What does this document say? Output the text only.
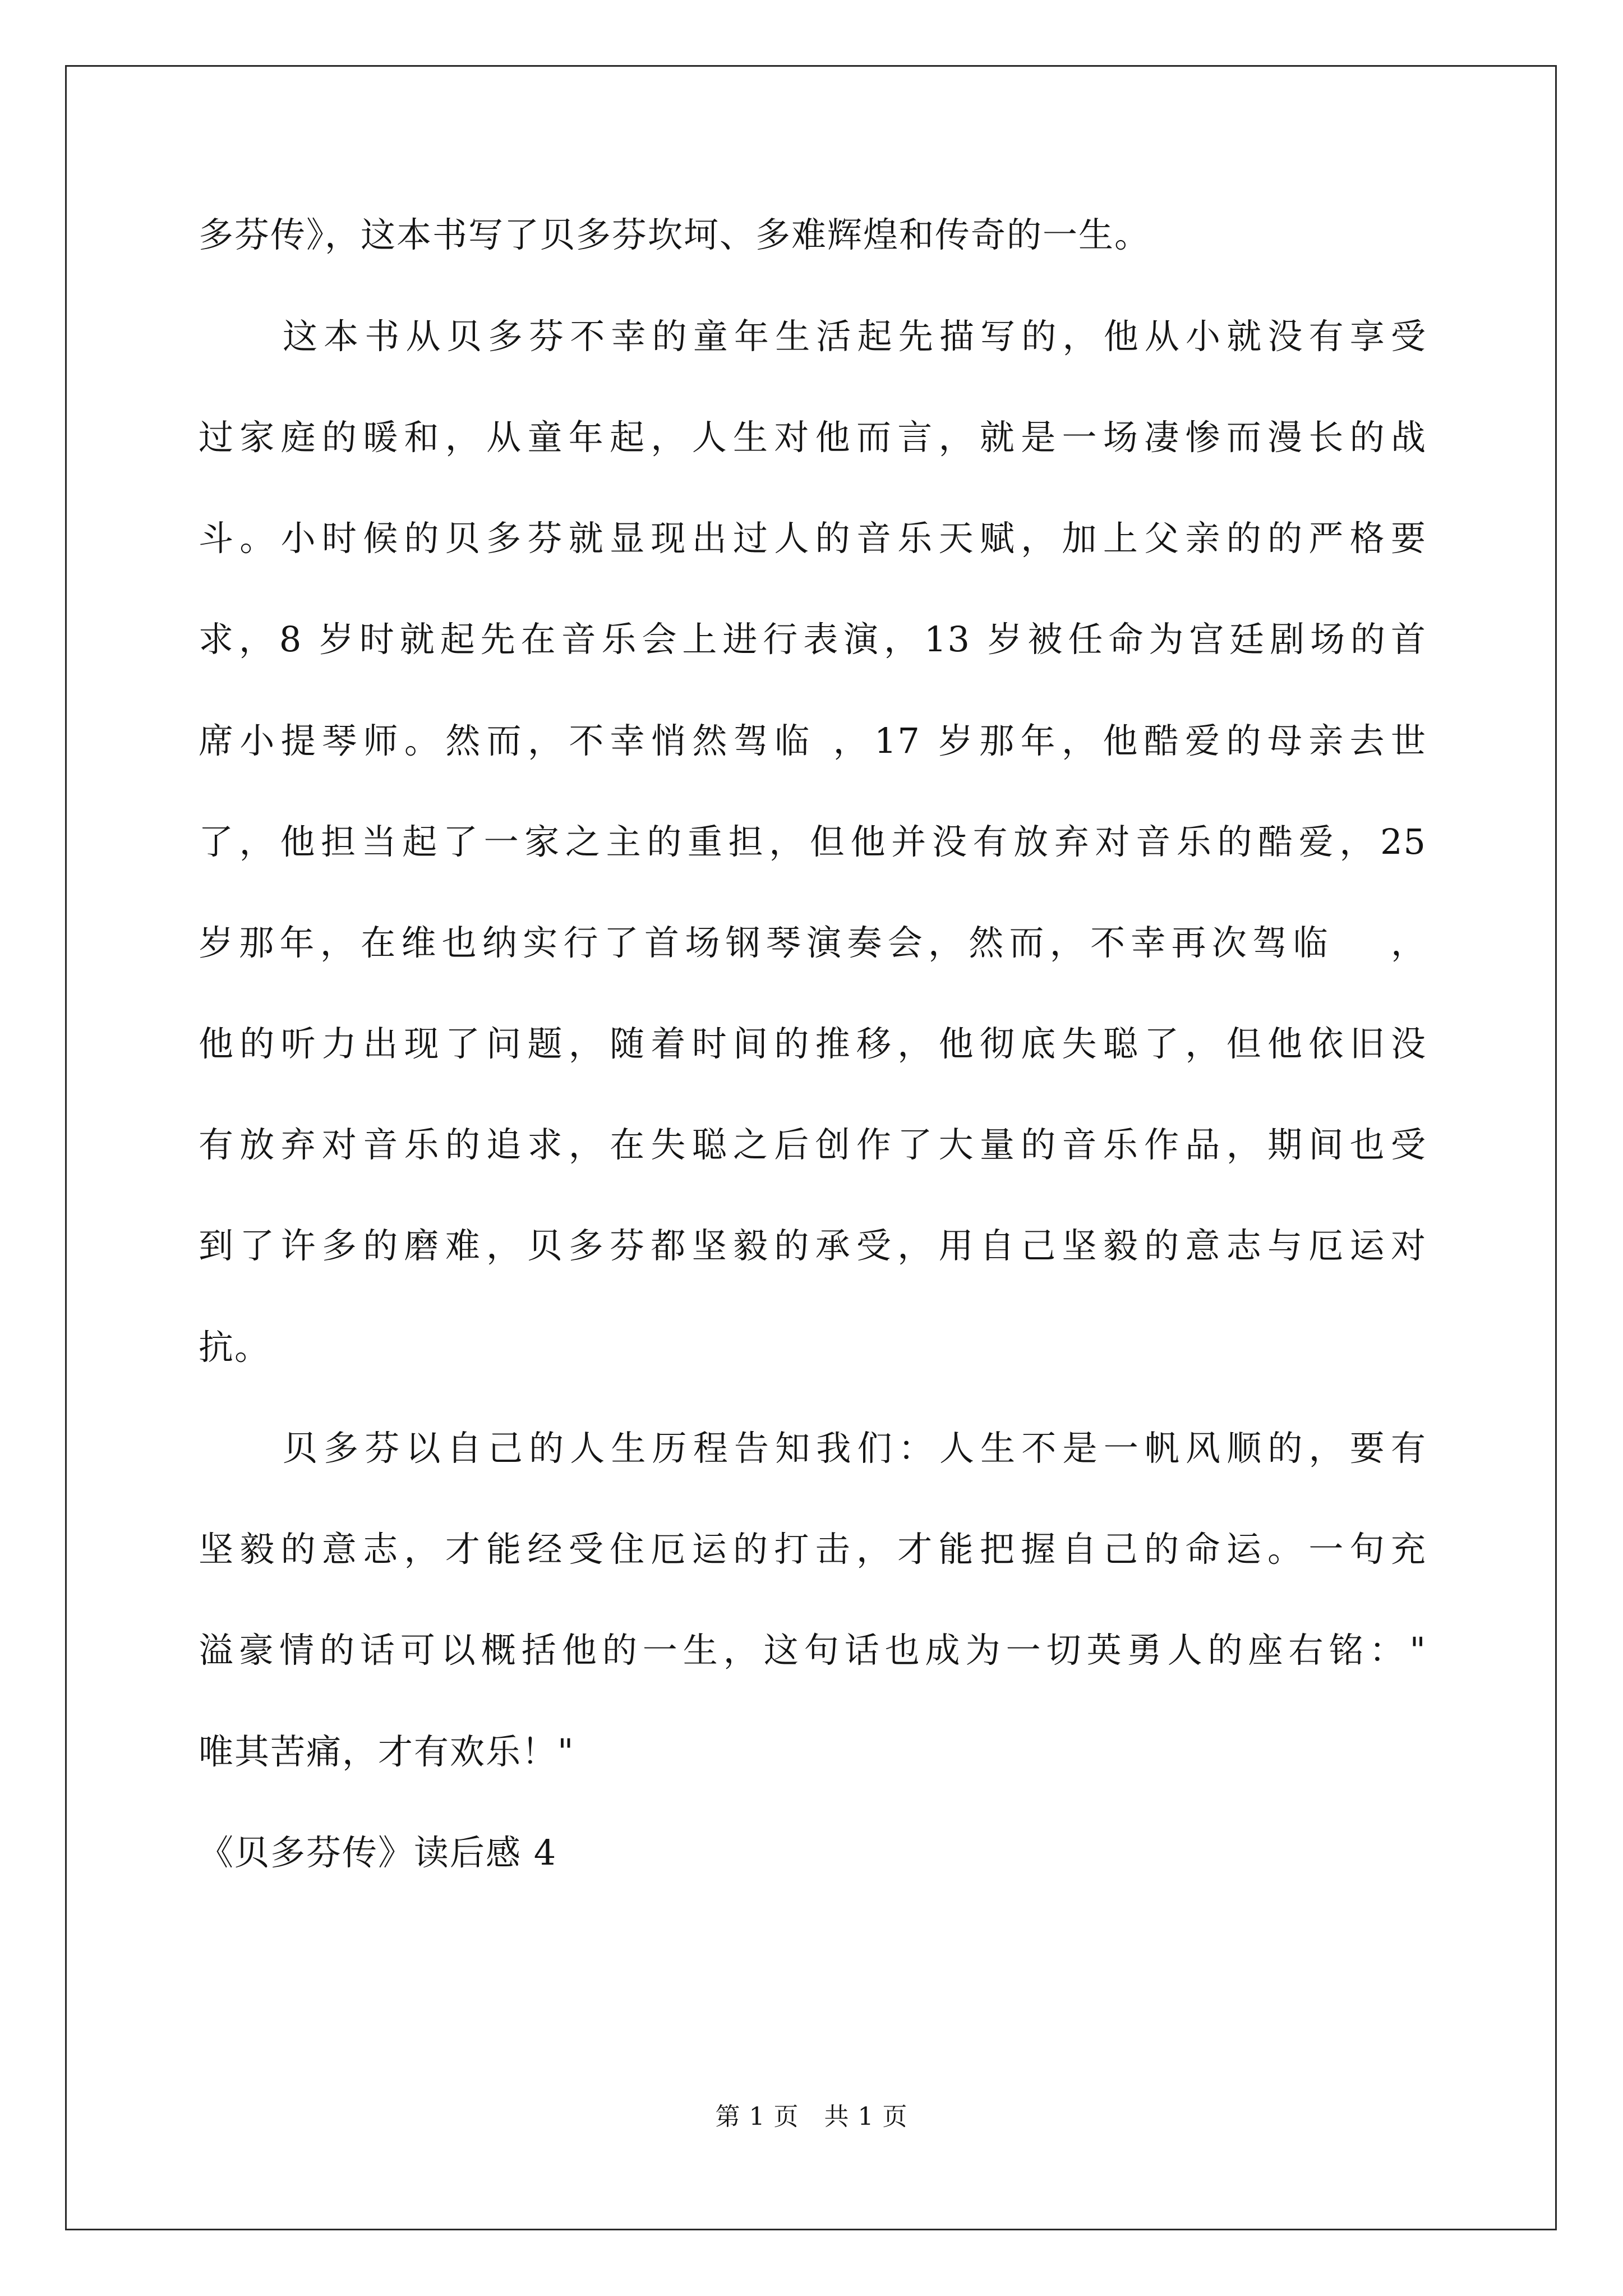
多芬传》，这本书写了贝多芬坎坷、多难辉煌和传奇的一生。
这本书从贝多芬不幸的童年生活起先描写的，他从小就没有享受
过家庭的暖和，从童年起，人生对他而言，就是一场凄惨而漫长的战
斗。小时候的贝多芬就显现出过人的音乐天赋，加上父亲的的严格要
求，8 岁时就起先在音乐会上进行表演，13 岁被任命为宫廷剧场的首
席小提琴师。然而，不幸悄然驾临 ，17 岁那年，他酷爱的母亲去世
了，他担当起了一家之主的重担，但他并没有放弃对音乐的酷爱，25
岁那年，在维也纳实行了首场钢琴演奏会，然而，不幸再次驾临　 ，
他的听力出现了问题，随着时间的推移，他彻底失聪了，但他依旧没
有放弃对音乐的追求，在失聪之后创作了大量的音乐作品，期间也受
到了许多的磨难，贝多芬都坚毅的承受，用自己坚毅的意志与厄运对
抗。
贝多芬以自己的人生历程告知我们：人生不是一帆风顺的，要有
坚毅的意志，才能经受住厄运的打击，才能把握自己的命运。一句充
溢豪情的话可以概括他的一生，这句话也成为一切英勇人的座右铭："
唯其苦痛，才有欢乐！"
《贝多芬传》读后感 4
第 1 页　共 1 页
